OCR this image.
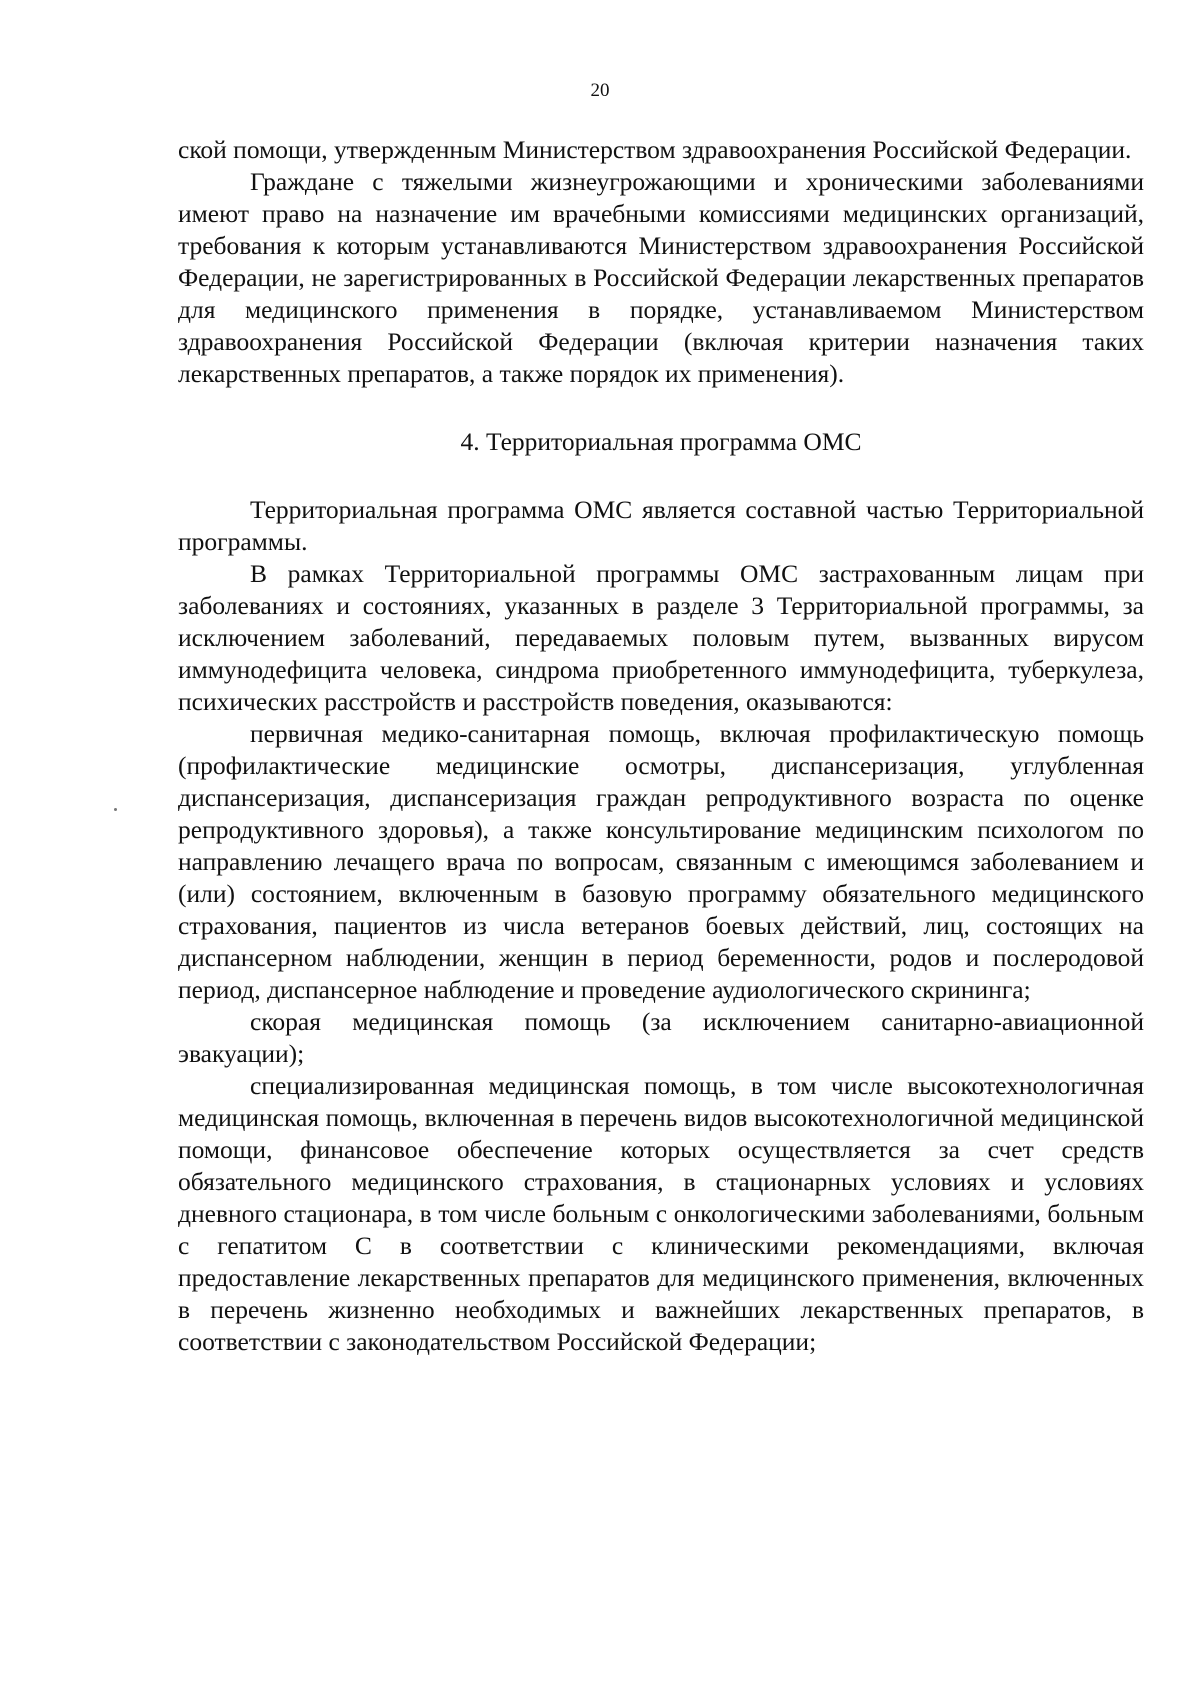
20

ской помощи, утвержденным Министерством здравоохранения Российской Федерации.

Граждане с тяжелыми жизнеугрожающими и хроническими заболеваниями имеют право на назначение им врачебными комиссиями медицинских организаций, требования к которым устанавливаются Министерством здравоохранения Российской Федерации, не зарегистрированных в Российской Федерации лекарственных препаратов для медицинского применения в порядке, устанавливаемом Министерством здравоохранения Российской Федерации (включая критерии назначения таких лекарственных препаратов, а также порядок их применения).

4. Территориальная программа ОМС

Территориальная программа ОМС является составной частью Территориальной программы.

В рамках Территориальной программы ОМС застрахованным лицам при заболеваниях и состояниях, указанных в разделе 3 Территориальной программы, за исключением заболеваний, передаваемых половым путем, вызванных вирусом иммунодефицита человека, синдрома приобретенного иммунодефицита, туберкулеза, психических расстройств и расстройств поведения, оказываются:

первичная медико-санитарная помощь, включая профилактическую помощь (профилактические медицинские осмотры, диспансеризация, углубленная диспансеризация, диспансеризация граждан репродуктивного возраста по оценке репродуктивного здоровья), а также консультирование медицинским психологом по направлению лечащего врача по вопросам, связанным с имеющимся заболеванием и (или) состоянием, включенным в базовую программу обязательного медицинского страхования, пациентов из числа ветеранов боевых действий, лиц, состоящих на диспансерном наблюдении, женщин в период беременности, родов и послеродовой период, диспансерное наблюдение и проведение аудиологического скрининга;

скорая медицинская помощь (за исключением санитарно-авиационной эвакуации);

специализированная медицинская помощь, в том числе высокотехнологичная медицинская помощь, включенная в перечень видов высокотехнологичной медицинской помощи, финансовое обеспечение которых осуществляется за счет средств обязательного медицинского страхования, в стационарных условиях и условиях дневного стационара, в том числе больным с онкологическими заболеваниями, больным с гепатитом С в соответствии с клиническими рекомендациями, включая предоставление лекарственных препаратов для медицинского применения, включенных в перечень жизненно необходимых и важнейших лекарственных препаратов, в соответствии с законодательством Российской Федерации;
